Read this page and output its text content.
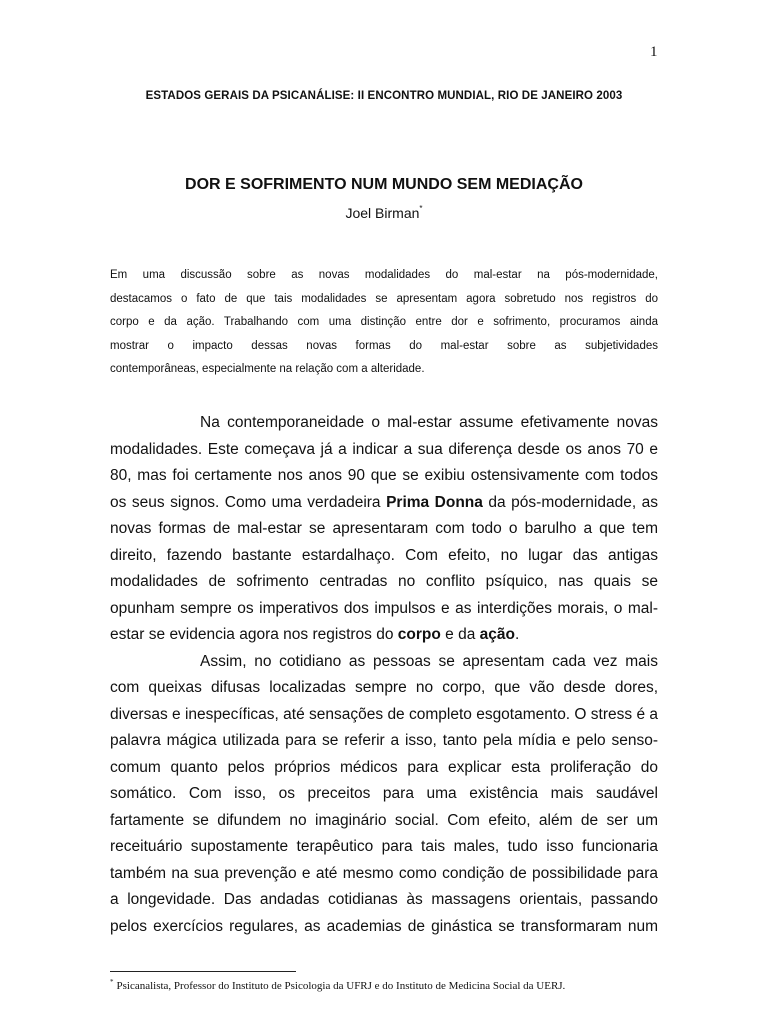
1
ESTADOS GERAIS DA PSICANÁLISE: II ENCONTRO MUNDIAL, RIO DE JANEIRO 2003
DOR E SOFRIMENTO NUM MUNDO SEM MEDIAÇÃO
Joel Birman*
Em uma discussão sobre as novas modalidades do mal-estar na pós-modernidade,
destacamos o fato de que tais modalidades se apresentam agora sobretudo nos registros do
corpo e da ação. Trabalhando com uma distinção entre dor e sofrimento, procuramos ainda
mostrar o impacto dessas novas formas do mal-estar sobre as subjetividades
contemporâneas, especialmente na relação com a alteridade.
Na contemporaneidade o mal-estar assume efetivamente novas
modalidades. Este começava já a indicar a sua diferença desde os anos 70 e
80, mas foi certamente nos anos 90 que se exibiu ostensivamente com todos
os seus signos. Como uma verdadeira Prima Donna da pós-modernidade, as
novas formas de mal-estar se apresentaram com todo o barulho a que tem
direito, fazendo bastante estardalhaço. Com efeito, no lugar das antigas
modalidades de sofrimento centradas no conflito psíquico, nas quais se
opunham sempre os imperativos dos impulsos e as interdições morais, o mal-
estar se evidencia agora nos registros do corpo e da ação.
Assim, no cotidiano as pessoas se apresentam cada vez mais
com queixas difusas localizadas sempre no corpo, que vão desde dores,
diversas e inespecíficas, até sensações de completo esgotamento. O stress é a
palavra mágica utilizada para se referir a isso, tanto pela mídia e pelo senso-
comum quanto pelos próprios médicos para explicar esta proliferação do
somático. Com isso, os preceitos para uma existência mais saudável
fartamente se difundem no imaginário social. Com efeito, além de ser um
receituário supostamente terapêutico para tais males, tudo isso funcionaria
também na sua prevenção e até mesmo como condição de possibilidade para
a longevidade. Das andadas cotidianas às massagens orientais, passando
pelos exercícios regulares, as academias de ginástica se transformaram num
* Psicanalista, Professor do Instituto de Psicologia da UFRJ e do Instituto de Medicina Social da UERJ.
